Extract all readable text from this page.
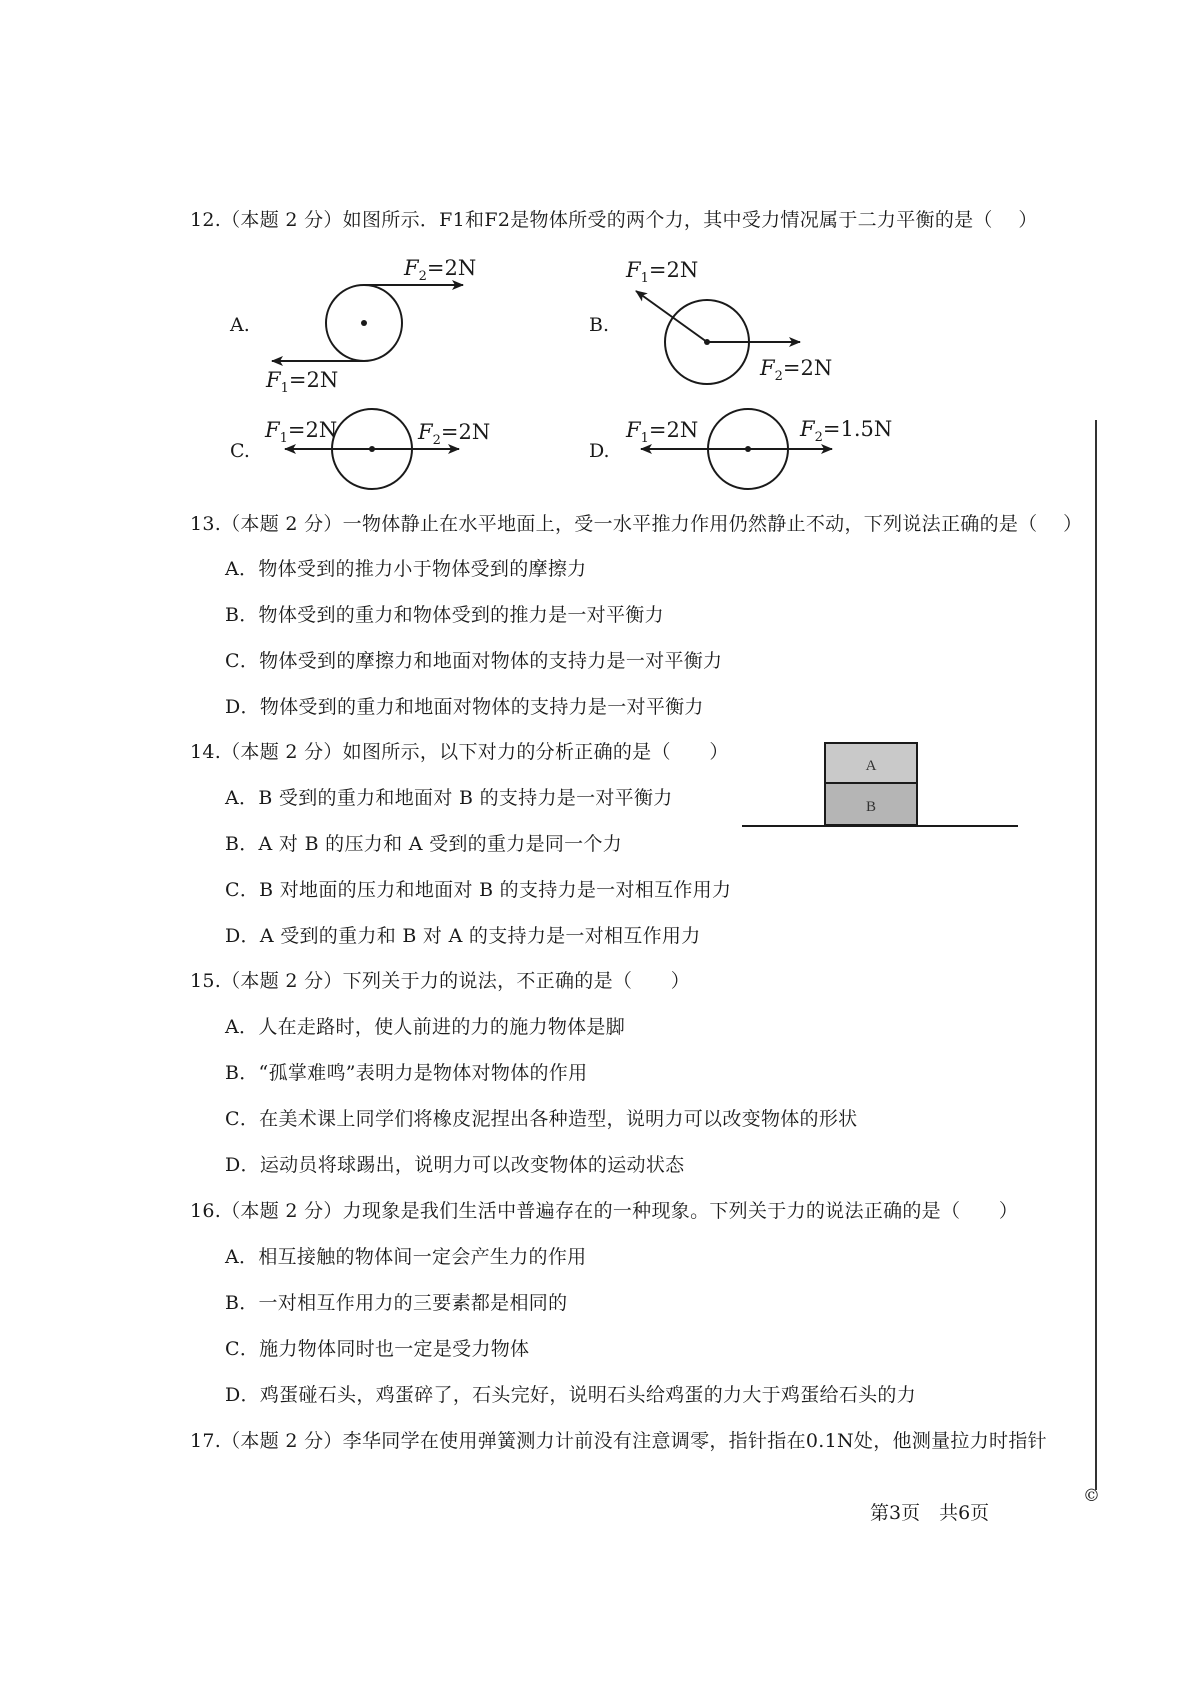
12.（本题 2 分）如图所示．F1和F2是物体所受的两个力，其中受力情况属于二力平衡的是（　 ）
A
B
A.	B.
C.	D.
$F_2=2N$
$F_1=2N$
$F_1=2N$
$F_2=2N$
$F_1=2N$	$F_2=2N$	$F_1=2N$	$F_2=1.5N$
13.（本题 2 分）一物体静止在水平地面上，受一水平推力作用仍然静止不动，下列说法正确的是（　 ）
A．物体受到的推力小于物体受到的摩擦力
B．物体受到的重力和物体受到的推力是一对平衡力
C．物体受到的摩擦力和地面对物体的支持力是一对平衡力
D．物体受到的重力和地面对物体的支持力是一对平衡力
14.（本题 2 分）如图所示，以下对力的分析正确的是（　　）
A．B 受到的重力和地面对 B 的支持力是一对平衡力
B．A 对 B 的压力和 A 受到的重力是同一个力
C．B 对地面的压力和地面对 B 的支持力是一对相互作用力
D．A 受到的重力和 B 对 A 的支持力是一对相互作用力
15.（本题 2 分）下列关于力的说法，不正确的是（　　）
A．人在走路时，使人前进的力的施力物体是脚
B．“孤掌难鸣”表明力是物体对物体的作用
C．在美术课上同学们将橡皮泥捏出各种造型，说明力可以改变物体的形状
D．运动员将球踢出，说明力可以改变物体的运动状态
16.（本题 2 分）力现象是我们生活中普遍存在的一种现象。下列关于力的说法正确的是（　　）
A．相互接触的物体间一定会产生力的作用
B．一对相互作用力的三要素都是相同的
C．施力物体同时也一定是受力物体
D．鸡蛋碰石头，鸡蛋碎了，石头完好，说明石头给鸡蛋的力大于鸡蛋给石头的力
17.（本题 2 分）李华同学在使用弹簧测力计前没有注意调零，指针指在0.1N处，他测量拉力时指针
第3页　共6页
©
